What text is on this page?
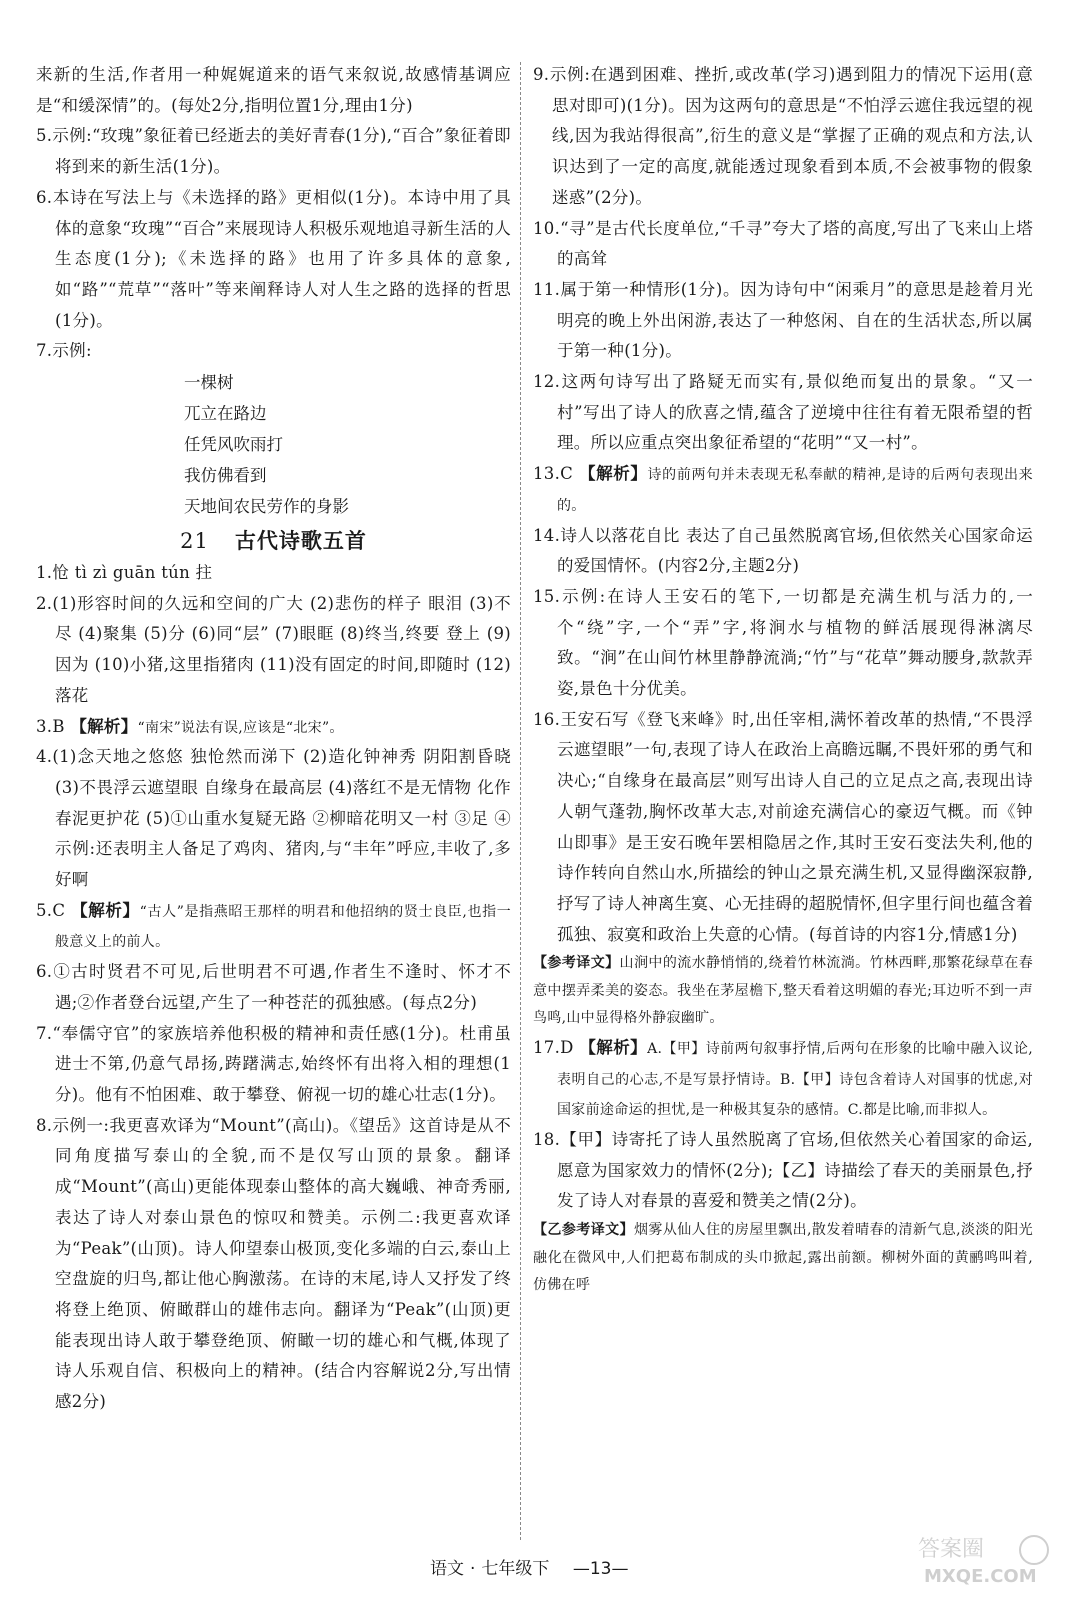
来新的生活,作者用一种娓娓道来的语气来叙说,故感情基调应是“和缓深情”的。(每处2分,指明位置1分,理由1分)
5.示例:“玫瑰”象征着已经逝去的美好青春(1分),“百合”象征着即将到来的新生活(1分)。
6.本诗在写法上与《未选择的路》更相似(1分)。本诗中用了具体的意象“玫瑰”“百合”来展现诗人积极乐观地追寻新生活的人生态度(1分);《未选择的路》也用了许多具体的意象,如“路”“荒草”“落叶”等来阐释诗人对人生之路的选择的哲思(1分)。
7.示例:
一棵树
兀立在路边
任凭风吹雨打
我仿佛看到
天地间农民劳作的身影
21 古代诗歌五首
1.怆 tì zì guān tún 拄
2.(1)形容时间的久远和空间的广大 (2)悲伤的样子 眼泪 (3)不尽 (4)聚集 (5)分 (6)同“层” (7)眼眶 (8)终当,终要 登上 (9)因为 (10)小猪,这里指猪肉 (11)没有固定的时间,即随时 (12)落花
3.B 【解析】“南宋”说法有误,应该是“北宋”。
4.(1)念天地之悠悠 独怆然而涕下 (2)造化钟神秀 阴阳割昏晓 (3)不畏浮云遮望眼 自缘身在最高层 (4)落红不是无情物 化作春泥更护花 (5)①山重水复疑无路 ②柳暗花明又一村 ③足 ④示例:还表明主人备足了鸡肉、猪肉,与“丰年”呼应,丰收了,多好啊
5.C 【解析】“古人”是指燕昭王那样的明君和他招纳的贤士良臣,也指一般意义上的前人。
6.①古时贤君不可见,后世明君不可遇,作者生不逢时、怀才不遇;②作者登台远望,产生了一种苍茫的孤独感。(每点2分)
7.“奉儒守官”的家族培养他积极的精神和责任感(1分)。杜甫虽进士不第,仍意气昂扬,踌躇满志,始终怀有出将入相的理想(1分)。他有不怕困难、敢于攀登、俯视一切的雄心壮志(1分)。
8.示例一:我更喜欢译为“Mount”(高山)。《望岳》这首诗是从不同角度描写泰山的全貌,而不是仅写山顶的景象。翻译成“Mount”(高山)更能体现泰山整体的高大巍峨、神奇秀丽,表达了诗人对泰山景色的惊叹和赞美。示例二:我更喜欢译为“Peak”(山顶)。诗人仰望泰山极顶,变化多端的白云,泰山上空盘旋的归鸟,都让他心胸激荡。在诗的末尾,诗人又抒发了终将登上绝顶、俯瞰群山的雄伟志向。翻译为“Peak”(山顶)更能表现出诗人敢于攀登绝顶、俯瞰一切的雄心和气概,体现了诗人乐观自信、积极向上的精神。(结合内容解说2分,写出情感2分)
9.示例:在遇到困难、挫折,或改革(学习)遇到阻力的情况下运用(意思对即可)(1分)。因为这两句的意思是“不怕浮云遮住我远望的视线,因为我站得很高”,衍生的意义是“掌握了正确的观点和方法,认识达到了一定的高度,就能透过现象看到本质,不会被事物的假象迷惑”(2分)。
10.“寻”是古代长度单位,“千寻”夸大了塔的高度,写出了飞来山上塔的高耸
11.属于第一种情形(1分)。因为诗句中“闲乘月”的意思是趁着月光明亮的晚上外出闲游,表达了一种悠闲、自在的生活状态,所以属于第一种(1分)。
12.这两句诗写出了路疑无而实有,景似绝而复出的景象。“又一村”写出了诗人的欣喜之情,蕴含了逆境中往往有着无限希望的哲理。所以应重点突出象征希望的“花明”“又一村”。
13.C 【解析】诗的前两句并未表现无私奉献的精神,是诗的后两句表现出来的。
14.诗人以落花自比 表达了自己虽然脱离官场,但依然关心国家命运的爱国情怀。(内容2分,主题2分)
15.示例:在诗人王安石的笔下,一切都是充满生机与活力的,一个“绕”字,一个“弄”字,将涧水与植物的鲜活展现得淋漓尽致。“涧”在山间竹林里静静流淌;“竹”与“花草”舞动腰身,款款弄姿,景色十分优美。
16.王安石写《登飞来峰》时,出任宰相,满怀着改革的热情,“不畏浮云遮望眼”一句,表现了诗人在政治上高瞻远瞩,不畏奸邪的勇气和决心;“自缘身在最高层”则写出诗人自己的立足点之高,表现出诗人朝气蓬勃,胸怀改革大志,对前途充满信心的豪迈气概。而《钟山即事》是王安石晚年罢相隐居之作,其时王安石变法失利,他的诗作转向自然山水,所描绘的钟山之景充满生机,又显得幽深寂静,抒写了诗人神离生寞、心无挂碍的超脱情怀,但字里行间也蕴含着孤独、寂寞和政治上失意的心情。(每首诗的内容1分,情感1分)
【参考译文】山涧中的流水静悄悄的,绕着竹林流淌。竹林西畔,那繁花绿草在春意中摆弄柔美的姿态。我坐在茅屋檐下,整天看着这明媚的春光;耳边听不到一声鸟鸣,山中显得格外静寂幽旷。
17.D 【解析】A.【甲】诗前两句叙事抒情,后两句在形象的比喻中融入议论,表明自己的心志,不是写景抒情诗。B.【甲】诗包含着诗人对国事的忧虑,对国家前途命运的担忧,是一种极其复杂的感情。C.都是比喻,而非拟人。
18.【甲】诗寄托了诗人虽然脱离了官场,但依然关心着国家的命运,愿意为国家效力的情怀(2分);【乙】诗描绘了春天的美丽景色,抒发了诗人对春景的喜爱和赞美之情(2分)。
【乙参考译文】烟雾从仙人住的房屋里飘出,散发着晴春的清新气息,淡淡的阳光融化在微风中,人们把葛布制成的头巾掀起,露出前额。柳树外面的黄鹂鸣叫着,仿佛在呼
语文 · 七年级下 —13—
答案圈
MXQE.COM
